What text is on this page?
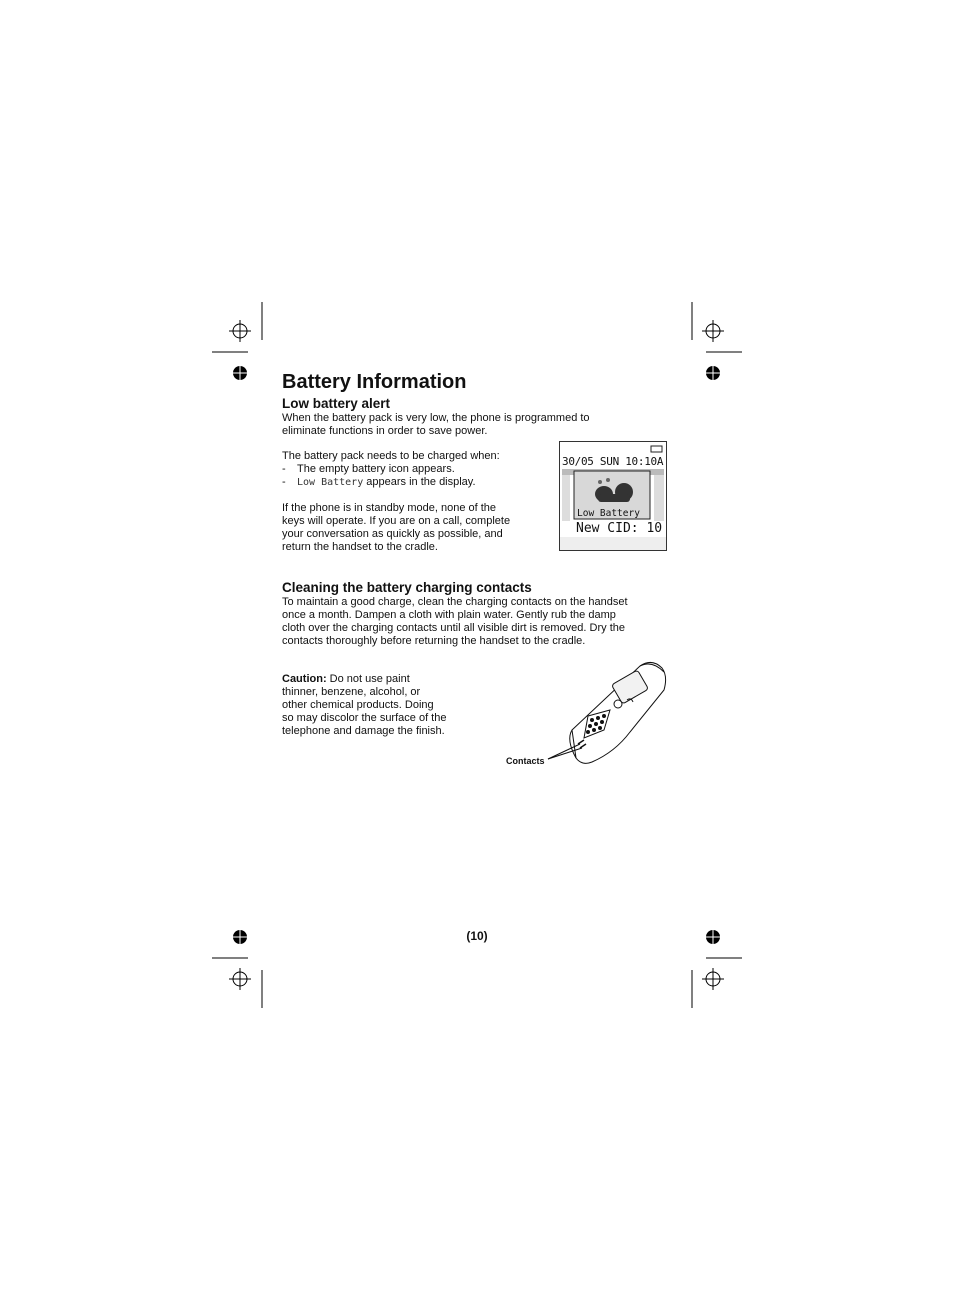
Battery Information
Low battery alert

When the battery pack is very low, the phone is programmed to eliminate functions in order to save power.

The battery pack needs to be charged when:

- The empty battery icon appears.
- Low Battery appears in the display.

If the phone is in standby mode, none of the keys will operate. If you are on a call, complete your conversation as quickly as possible, and return the handset to the cradle.

30/05 SUN 10:10A
Low Battery
New CID: 10
Cleaning the battery charging contacts

To maintain a good charge, clean the charging contacts on the handset once a month. Dampen a cloth with plain water. Gently rub the damp cloth over the charging contacts until all visible dirt is removed. Dry the contacts thoroughly before returning the handset to the cradle.

Caution: Do not use paint thinner, benzene, alcohol, or other chemical products. Doing so may discolor the surface of the telephone and damage the finish.

Contacts
(10)
